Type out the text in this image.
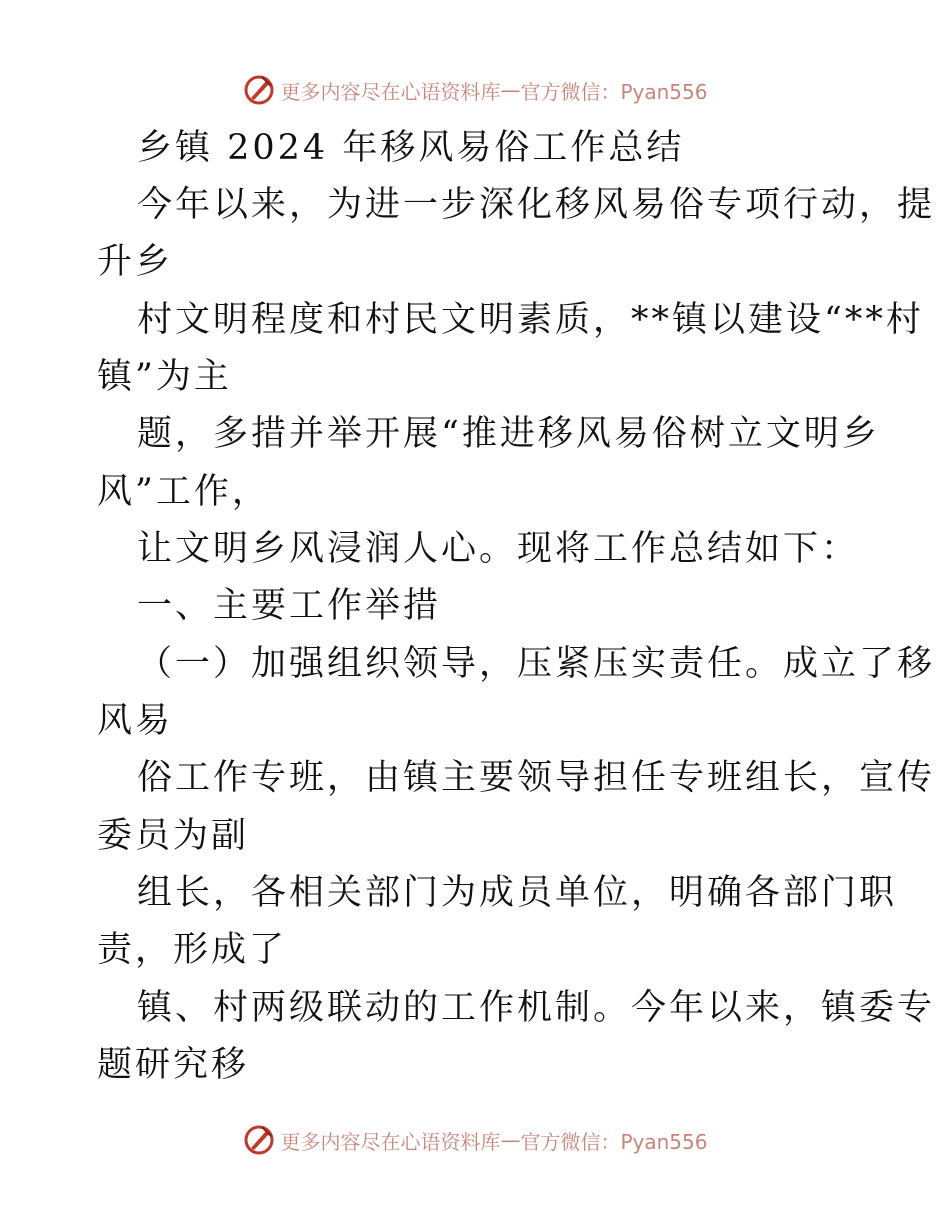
更多内容尽在心语资料库 — 官方微信：Pyan556
乡镇 2024 年移风易俗工作总结
今年以来，为进一步深化移风易俗专项行动，提
升乡
村文明程度和村民文明素质，**镇以建设“**村
镇”为主
题，多措并举开展“推进移风易俗树立文明乡
风”工作，
让文明乡风浸润人心。现将工作总结如下：
一、主要工作举措
（一）加强组织领导，压紧压实责任。成立了移
风易
俗工作专班，由镇主要领导担任专班组长，宣传
委员为副
组长，各相关部门为成员单位，明确各部门职
责，形成了
镇、村两级联动的工作机制。今年以来，镇委专
题研究移
更多内容尽在心语资料库 — 官方微信：Pyan556
